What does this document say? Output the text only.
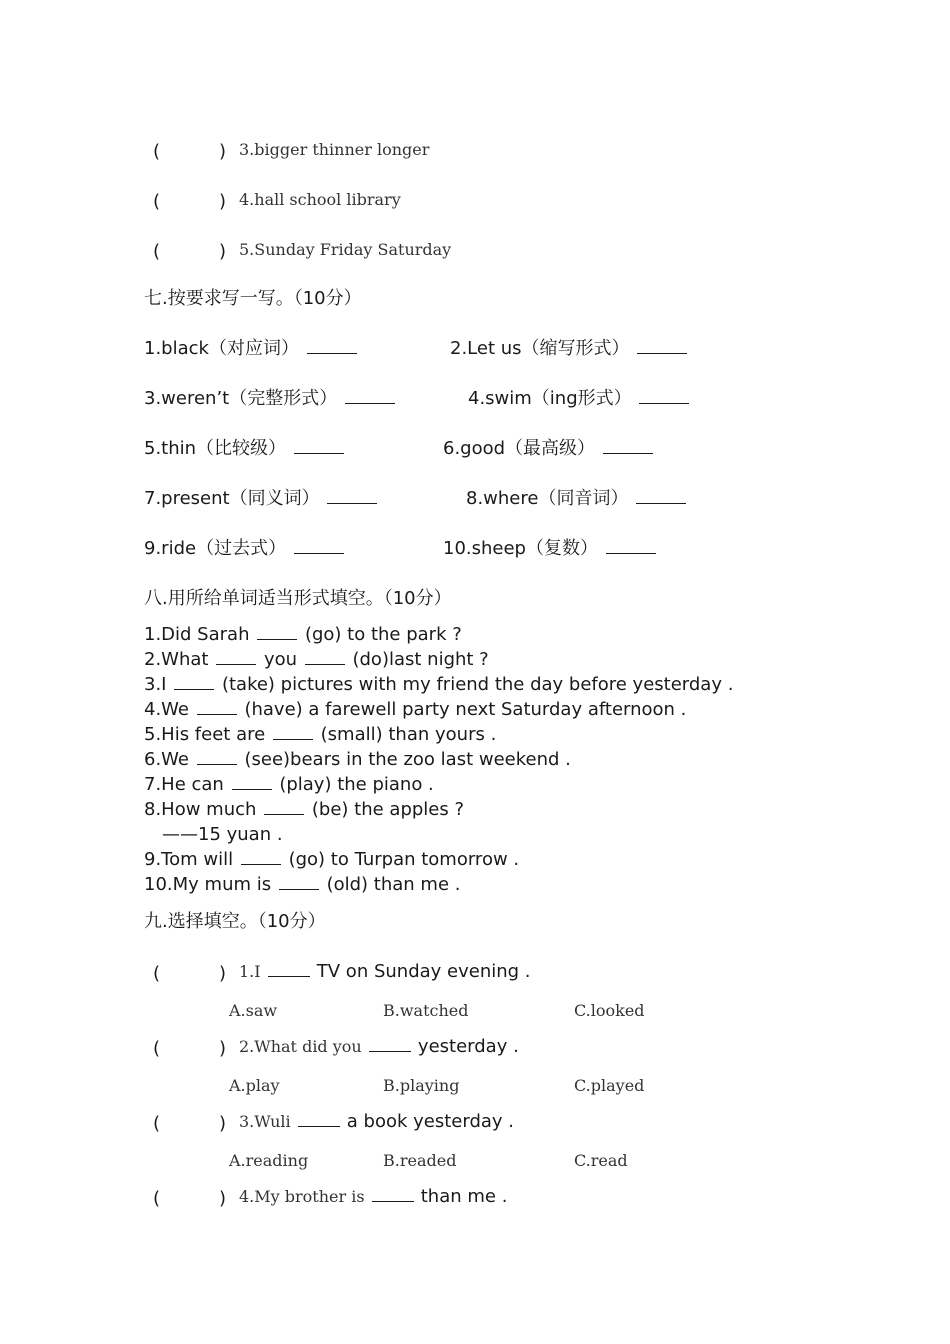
(	) 3.bigger thinner longer
(	) 4.hall school library
(	) 5.Sunday Friday Saturday
七.按要求写一写。（10分）
1.black（对应词）	2.Let us（缩写形式）
3.weren’t（完整形式）	4.swim（ing形式）
5.thin（比较级）	6.good（最高级）
7.present（同义词）	8.where（同音词）
9.ride（过去式）	10.sheep（复数）
八.用所给单词适当形式填空。（10分）
1.Did Sarah	(go) to the park ?
2.What	you	(do)last night ?
3.I	(take) pictures with my friend the day before yesterday .
4.We	(have) a farewell party next Saturday afternoon .
5.His feet are	(small) than yours .
6.We	(see)bears in the zoo last weekend .
7.He can	(play) the piano .
8.How much	(be) the apples ?
——15 yuan .
9.Tom will	(go) to Turpan tomorrow .
10.My mum is	(old) than me .
九.选择填空。（10分）
(	) 1.I	TV on Sunday evening .
A.saw	B.watched	C.looked
(	) 2.What did you	yesterday .
A.play	B.playing	C.played
(	) 3.Wuli	a book yesterday .
A.reading	B.readed	C.read
(	) 4.My brother is	than me .
